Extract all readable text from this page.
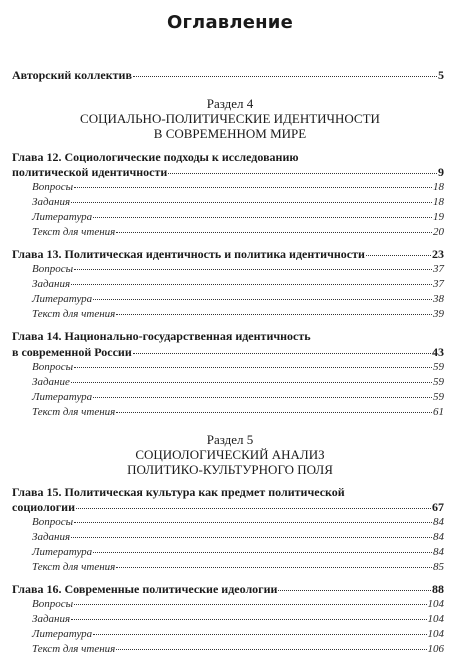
Оглавление
Авторский коллектив	5
Раздел 4
СОЦИАЛЬНО-ПОЛИТИЧЕСКИЕ ИДЕНТИЧНОСТИ
В СОВРЕМЕННОМ МИРЕ
Глава 12. Социологические подходы к исследованию
политической идентичности	9
Вопросы	18
Задания	18
Литература	19
Текст для чтения	20
Глава 13. Политическая идентичность и политика идентичности	23
Вопросы	37
Задания	37
Литература	38
Текст для чтения	39
Глава 14. Национально-государственная идентичность
в современной России	43
Вопросы	59
Задание	59
Литература	59
Текст для чтения	61
Раздел 5
СОЦИОЛОГИЧЕСКИЙ АНАЛИЗ
ПОЛИТИКО-КУЛЬТУРНОГО ПОЛЯ
Глава 15. Политическая культура как предмет политической
социологии	67
Вопросы	84
Задания	84
Литература	84
Текст для чтения	85
Глава 16. Современные политические идеологии	88
Вопросы	104
Задания	104
Литература	104
Текст для чтения	106
